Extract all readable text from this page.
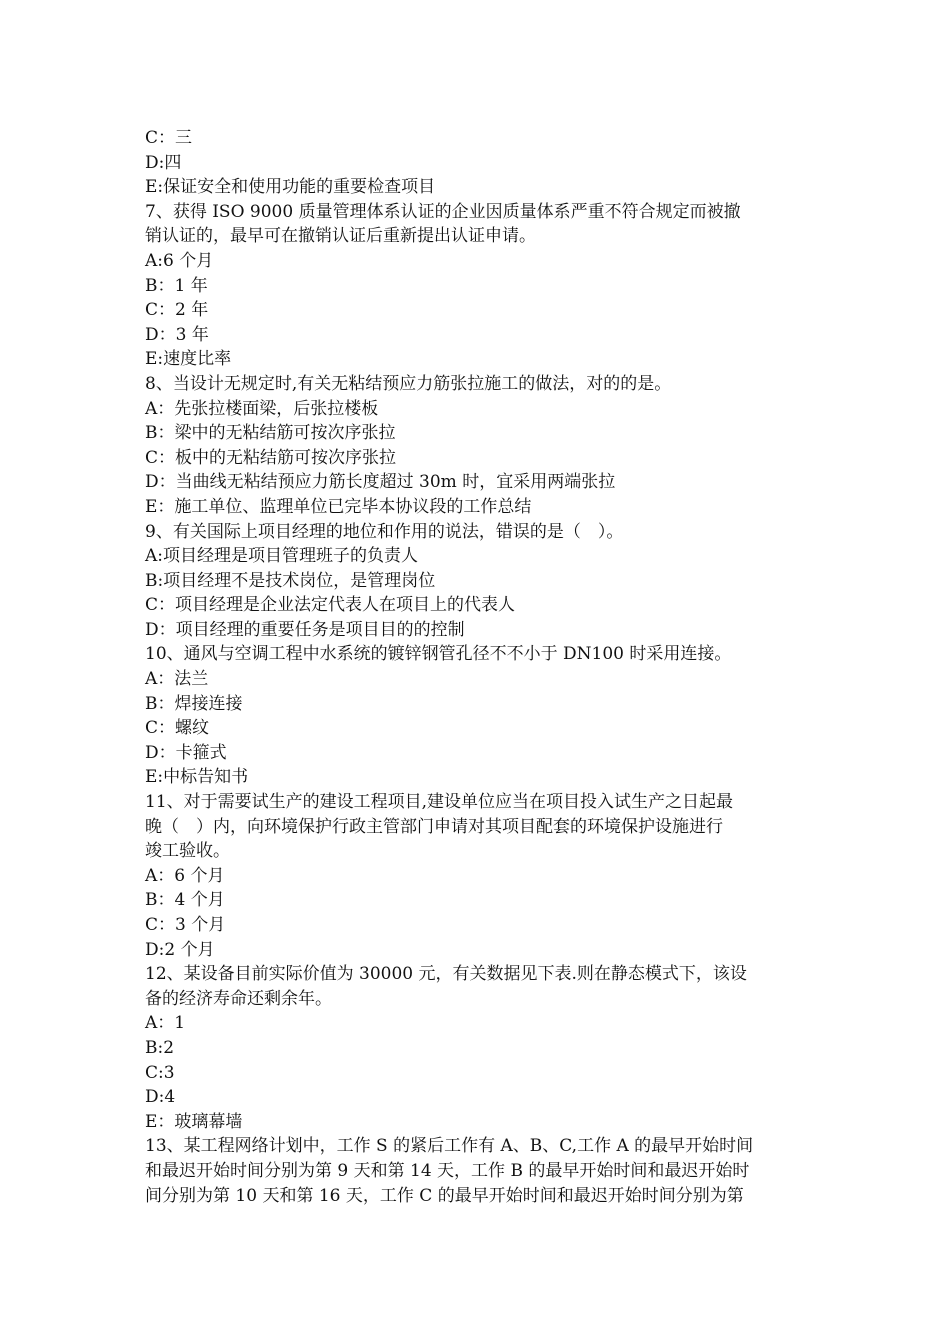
C：三
D:四
E:保证安全和使用功能的重要检查项目
7、获得 ISO 9000 质量管理体系认证的企业因质量体系严重不符合规定而被撤
销认证的，最早可在撤销认证后重新提出认证申请。
A:6 个月
B：1 年
C：2 年
D：3 年
E:速度比率
8、当设计无规定时,有关无粘结预应力筋张拉施工的做法，对的的是。
A：先张拉楼面梁，后张拉楼板
B：梁中的无粘结筋可按次序张拉
C：板中的无粘结筋可按次序张拉
D：当曲线无粘结预应力筋长度超过 30m 时，宜采用两端张拉
E：施工单位、监理单位已完毕本协议段的工作总结
9、有关国际上项目经理的地位和作用的说法，错误的是（　）。
A:项目经理是项目管理班子的负责人
B:项目经理不是技术岗位，是管理岗位
C：项目经理是企业法定代表人在项目上的代表人
D：项目经理的重要任务是项目目的的控制
10、通风与空调工程中水系统的镀锌钢管孔径不不小于 DN100 时采用连接。
A：法兰
B：焊接连接
C：螺纹
D：卡箍式
E:中标告知书
11、对于需要试生产的建设工程项目,建设单位应当在项目投入试生产之日起最
晚（　）内，向环境保护行政主管部门申请对其项目配套的环境保护设施进行
竣工验收。
A：6 个月
B：4 个月
C：3 个月
D:2 个月
12、某设备目前实际价值为 30000 元，有关数据见下表.则在静态模式下，该设
备的经济寿命还剩余年。
A：1
B:2
C:3
D:4
E：玻璃幕墙
13、某工程网络计划中，工作 S 的紧后工作有 A、B、C,工作 A 的最早开始时间
和最迟开始时间分别为第 9 天和第 14 天，工作 B 的最早开始时间和最迟开始时
间分别为第 10 天和第 16 天，工作 C 的最早开始时间和最迟开始时间分别为第
